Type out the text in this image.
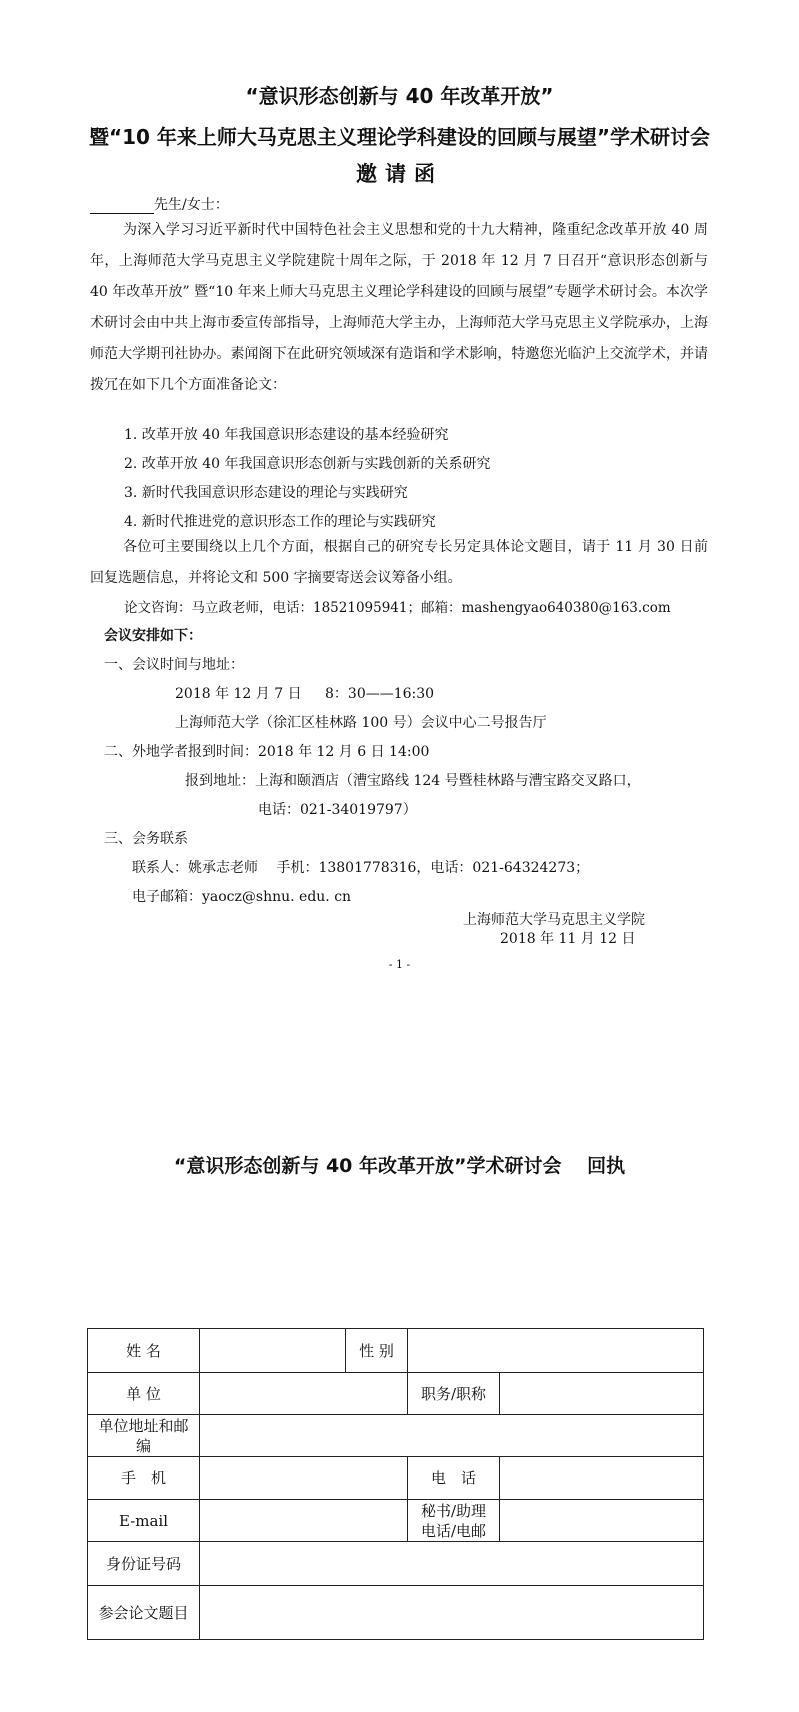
“意识形态创新与 40 年改革开放”
暨“10 年来上师大马克思主义理论学科建设的回顾与展望”学术研讨会
邀请函
先生/女士：
为深入学习习近平新时代中国特色社会主义思想和党的十九大精神，隆重纪念改革开放 40 周年，上海师范大学马克思主义学院建院十周年之际，于 2018 年 12 月 7 日召开“意识形态创新与 40 年改革开放” 暨“10 年来上师大马克思主义理论学科建设的回顾与展望”专题学术研讨会。本次学术研讨会由中共上海市委宣传部指导，上海师范大学主办，上海师范大学马克思主义学院承办，上海师范大学期刊社协办。素闻阁下在此研究领域深有造诣和学术影响，特邀您光临沪上交流学术，并请拨冗在如下几个方面准备论文：
1. 改革开放 40 年我国意识形态建设的基本经验研究
2. 改革开放 40 年我国意识形态创新与实践创新的关系研究
3. 新时代我国意识形态建设的理论与实践研究
4. 新时代推进党的意识形态工作的理论与实践研究
各位可主要围绕以上几个方面，根据自己的研究专长另定具体论文题目，请于 11 月 30 日前回复选题信息，并将论文和 500 字摘要寄送会议筹备小组。
论文咨询：马立政老师，电话：18521095941；邮箱：mashengyao640380@163.com
会议安排如下：
一、会议时间与地址：
2018 年 12 月 7 日 8：30——16:30
上海师范大学（徐汇区桂林路 100 号）会议中心二号报告厅
二、外地学者报到时间：2018 年 12 月 6 日 14:00
报到地址：上海和颐酒店（漕宝路线 124 号暨桂林路与漕宝路交叉路口，
电话：021-34019797）
三、会务联系
联系人：姚承志老师　 手机：13801778316，电话：021-64324273；
电子邮箱：yaocz@shnu. edu. cn
上海师范大学马克思主义学院
2018 年 11 月 12 日
- 1 -
“意识形态创新与 40 年改革开放”学术研讨会　 回执
姓 名		性 别		
单 位			职务/职称	

单位地址和邮
编				

手　机			电　话	
E-mail			秘书/助理
电话/电邮	

身份证号码				
参会论文题目				
